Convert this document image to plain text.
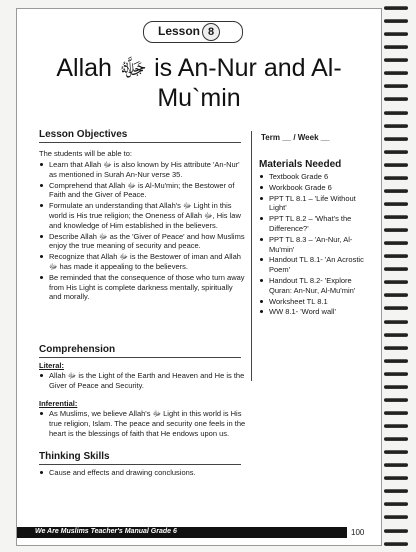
Lesson 8
Allah ﷻ is An-Nur and Al-Mu`min
Lesson Objectives	Term __ / Week __
The students will be able to:
Learn that Allah ﷻ is also known by His attribute 'An-Nur' as mentioned in Surah An-Nur verse 35.
Comprehend that Allah ﷻ is Al-Mu'min; the Bestower of Faith and the Giver of Peace.
Formulate an understanding that Allah's ﷻ Light in this world is His true religion; the Oneness of Allah ﷻ, His law and knowledge of Him established in the believers.
Describe Allah ﷻ as the 'Giver of Peace' and how Muslims enjoy the true meaning of security and peace.
Recognize that Allah ﷻ is the Bestower of iman and Allah ﷻ has made it appealing to the believers.
Be reminded that the consequence of those who turn away from His Light is complete darkness mentally, spiritually and morally.
Materials Needed
Textbook Grade 6
Workbook Grade 6
PPT TL 8.1 – 'Life Without Light'
PPT TL 8.2 – 'What's the Difference?'
PPT TL 8.3 – 'An-Nur, Al-Mu'min'
Handout TL 8.1- 'An Acrostic Poem'
Handout TL 8.2- 'Explore Quran: An-Nur, Al-Mu'min'
Worksheet TL 8.1
WW 8.1- 'Word wall'
Comprehension
Literal:
Allah ﷻ is the Light of the Earth and Heaven and He is the Giver of Peace and Security.
Inferential:
As Muslims, we believe Allah's ﷻ Light in this world is His true religion, Islam. The peace and security one feels in the heart is the blessings of faith that He endows upon us.
Thinking Skills
Cause and effects and drawing conclusions.
We Are Muslims Teacher's Manual Grade 6	100
